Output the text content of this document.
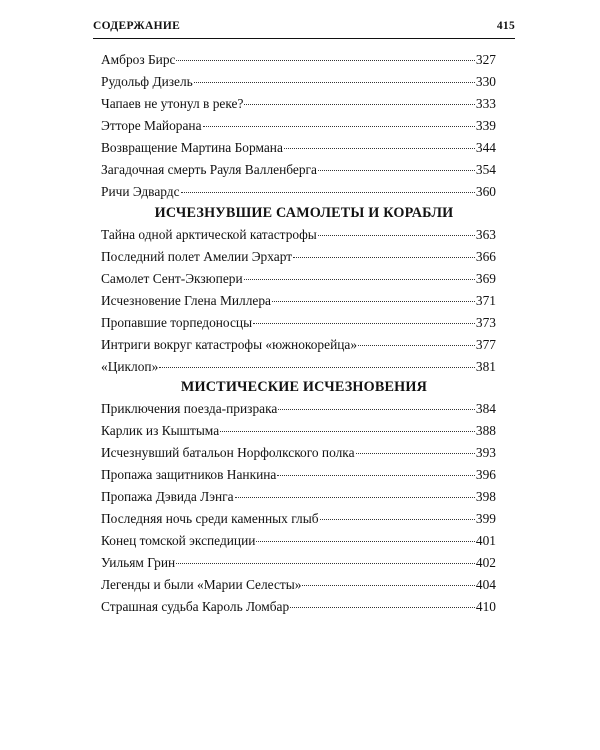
СОДЕРЖАНИЕ	415
Амброз Бирс	327
Рудольф Дизель	330
Чапаев не утонул в реке?	333
Этторе Майорана	339
Возвращение Мартина Бормана	344
Загадочная смерть Рауля Валленберга	354
Ричи Эдвардс	360
ИСЧЕЗНУВШИЕ САМОЛЕТЫ И КОРАБЛИ
Тайна одной арктической катастрофы	363
Последний полет Амелии Эрхарт	366
Самолет Сент-Экзюпери	369
Исчезновение Глена Миллера	371
Пропавшие торпедоносцы	373
Интриги вокруг катастрофы «южнокорейца»	377
«Циклоп»	381
МИСТИЧЕСКИЕ ИСЧЕЗНОВЕНИЯ
Приключения поезда-призрака	384
Карлик из Кыштыма	388
Исчезнувший батальон Норфолкского полка	393
Пропажа защитников Нанкина	396
Пропажа Дэвида Лэнга	398
Последняя ночь среди каменных глыб	399
Конец томской экспедиции	401
Уильям Грин	402
Легенды и были «Марии Селесты»	404
Страшная судьба Кароль Ломбар	410
